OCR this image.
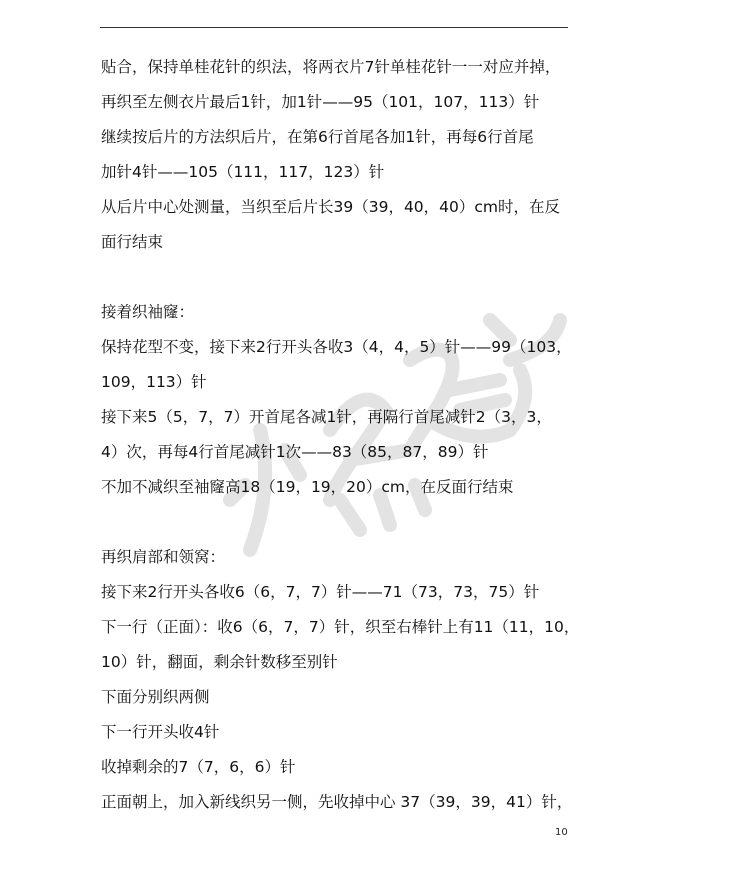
贴合，保持单桂花针的织法，将两衣片7针单桂花针一一对应并掉，
再织至左侧衣片最后1针，加1针——95（101，107，113）针
继续按后片的方法织后片，在第6行首尾各加1针，再每6行首尾
加针4针——105（111，117，123）针
从后片中心处测量，当织至后片长39（39，40，40）cm时，在反
面行结束
接着织袖窿：
保持花型不变，接下来2行开头各收3（4，4，5）针——99（103，
109，113）针
接下来5（5，7，7）开首尾各减1针，再隔行首尾减针2（3，3，
4）次，再每4行首尾减针1次——83（85，87，89）针
不加不减织至袖窿高18（19，19，20）cm，在反面行结束
再织肩部和领窝：
接下来2行开头各收6（6，7，7）针——71（73，73，75）针
下一行（正面）：收6（6，7，7）针，织至右棒针上有11（11，10，
10）针，翻面，剩余针数移至别针
下面分别织两侧
下一行开头收4针
收掉剩余的7（7，6，6）针
正面朝上，加入新线织另一侧，先收掉中心 37（39，39，41）针，
10
